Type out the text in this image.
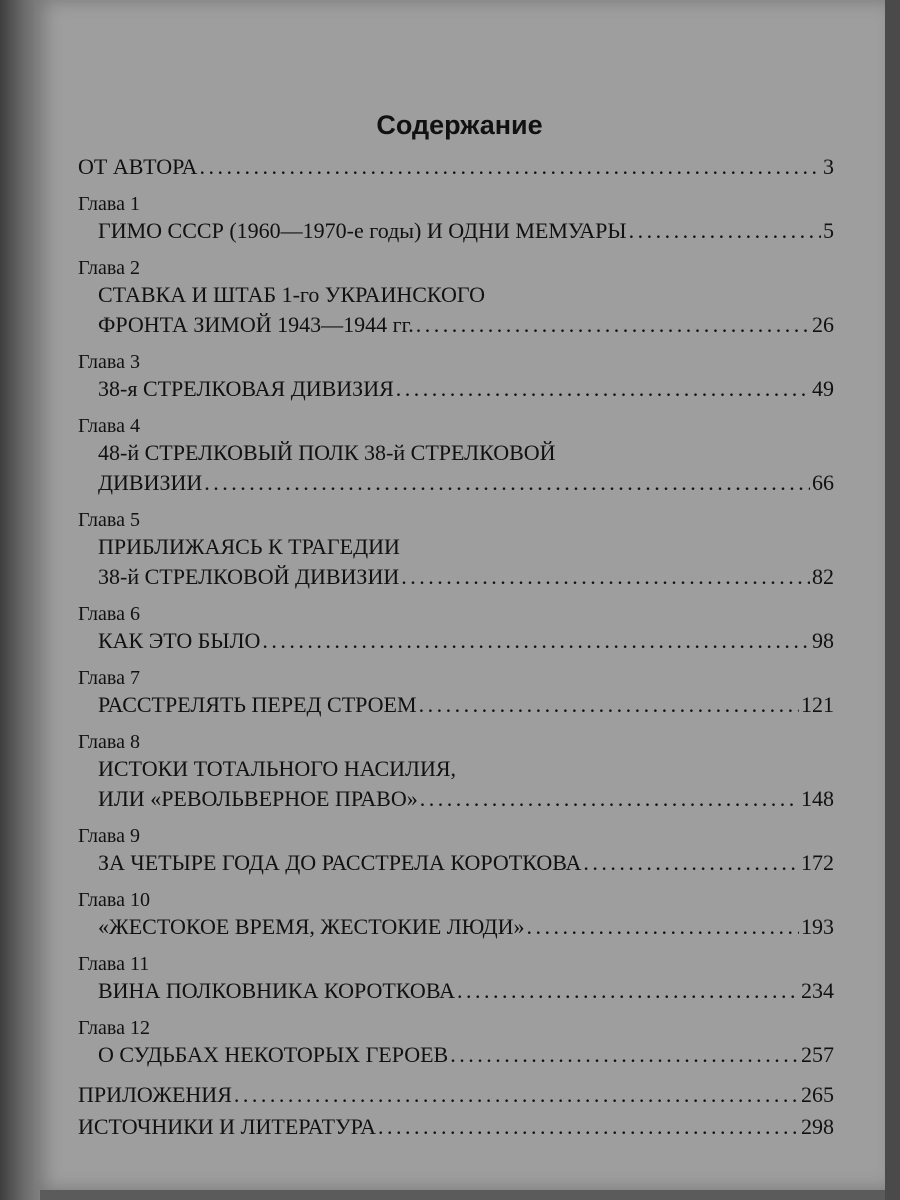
Содержание
ОТ АВТОРА . . .	3
Глава 1
ГИМО СССР (1960—1970-е годы) И ОДНИ МЕМУАРЫ . . .	5
Глава 2
СТАВКА И ШТАБ 1-го УКРАИНСКОГО
ФРОНТА ЗИМОЙ 1943—1944 гг. . . .	26
Глава 3
38-я СТРЕЛКОВАЯ ДИВИЗИЯ . . .	49
Глава 4
48-й СТРЕЛКОВЫЙ ПОЛК 38-й СТРЕЛКОВОЙ
ДИВИЗИИ . . .	66
Глава 5
ПРИБЛИЖАЯСЬ К ТРАГЕДИИ
38-й СТРЕЛКОВОЙ ДИВИЗИИ . . .	82
Глава 6
КАК ЭТО БЫЛО . . .	98
Глава 7
РАССТРЕЛЯТЬ ПЕРЕД СТРОЕМ . . .	121
Глава 8
ИСТОКИ ТОТАЛЬНОГО НАСИЛИЯ,
ИЛИ «РЕВОЛЬВЕРНОЕ ПРАВО» . . .	148
Глава 9
ЗА ЧЕТЫРЕ ГОДА ДО РАССТРЕЛА КОРОТКОВА . . .	172
Глава 10
«ЖЕСТОКОЕ ВРЕМЯ, ЖЕСТОКИЕ ЛЮДИ» . . .	193
Глава 11
ВИНА ПОЛКОВНИКА КОРОТКОВА . . .	234
Глава 12
О СУДЬБАХ НЕКОТОРЫХ ГЕРОЕВ . . .	257
ПРИЛОЖЕНИЯ . . .	265
ИСТОЧНИКИ И ЛИТЕРАТУРА . . .	298
